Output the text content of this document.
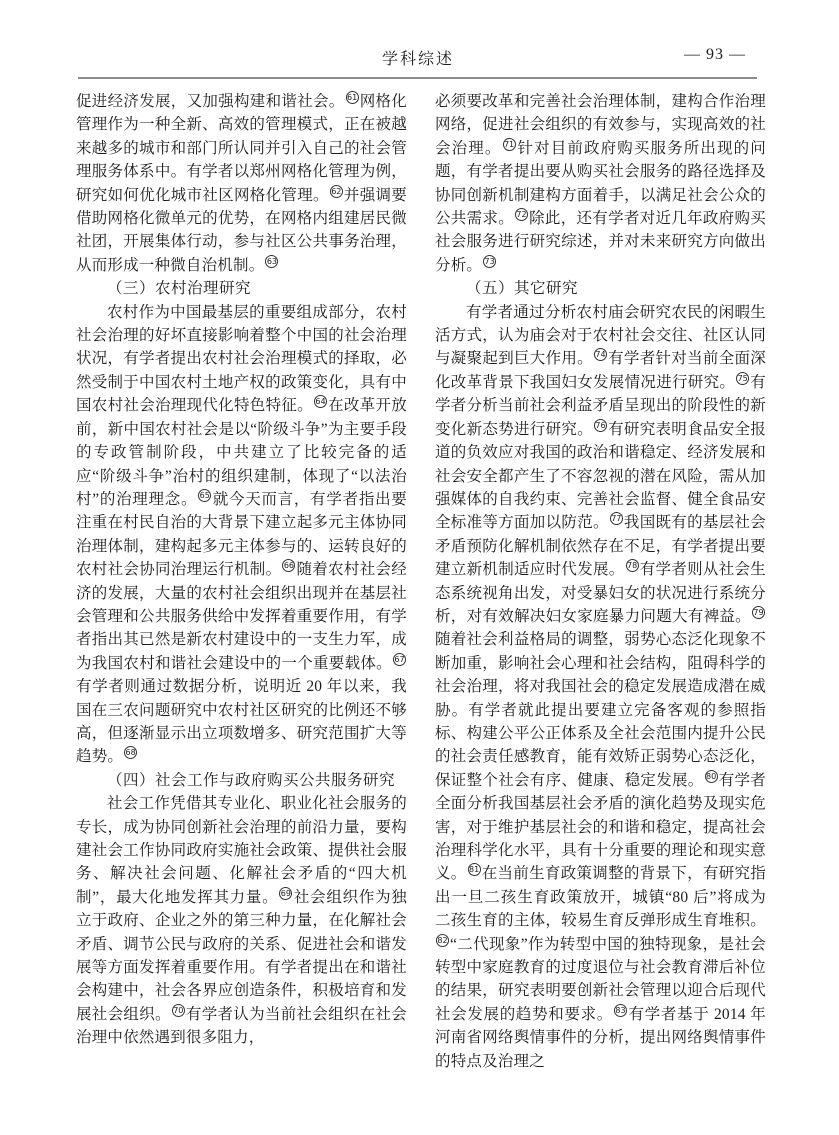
学科综述	— 93 —

促进经济发展，又加强构建和谐社会。 $^{61}$ 网格化管理作为一种全新、高效的管理模式，正在被越来越多的城市和部门所认同并引入自己的社会管理服务体系中。有学者以郑州网格化管理为例，研究如何优化城市社区网格化管理。 $^{62}$ 并强调要借助网格化微单元的优势，在网格内组建居民微社团，开展集体行动，参与社区公共事务治理，从而形成一种微自治机制。 $^{63}$

（三）农村治理研究

农村作为中国最基层的重要组成部分，农村社会治理的好坏直接影响着整个中国的社会治理状况，有学者提出农村社会治理模式的择取，必然受制于中国农村土地产权的政策变化，具有中国农村社会治理现代化特色特征。 $^{64}$ 在改革开放前，新中国农村社会是以“阶级斗争”为主要手段的专政管制阶段，中共建立了比较完备的适应“阶级斗争”治村的组织建制，体现了“以法治村”的治理理念。 $^{65}$ 就今天而言，有学者指出要注重在村民自治的大背景下建立起多元主体协同治理体制，建构起多元主体参与的、运转良好的农村社会协同治理运行机制。 $^{66}$ 随着农村社会经济的发展，大量的农村社会组织出现并在基层社会管理和公共服务供给中发挥着重要作用，有学者指出其已然是新农村建设中的一支生力军，成为我国农村和谐社会建设中的一个重要载体。 $^{67}$有学者则通过数据分析，说明近 20 年以来，我国在三农问题研究中农村社区研究的比例还不够高，但逐渐显示出立项数增多、研究范围扩大等趋势。 $^{68}$

（四）社会工作与政府购买公共服务研究

社会工作凭借其专业化、职业化社会服务的专长，成为协同创新社会治理的前沿力量，要构建社会工作协同政府实施社会政策、提供社会服务、解决社会问题、化解社会矛盾的“四大机制”，最大化地发挥其力量。 $^{69}$ 社会组织作为独立于政府、企业之外的第三种力量，在化解社会矛盾、调节公民与政府的关系、促进社会和谐发展等方面发挥着重要作用。有学者提出在和谐社会构建中，社会各界应创造条件，积极培育和发展社会组织。 $^{70}$ 有学者认为当前社会组织在社会治理中依然遇到很多阻力，

必须要改革和完善社会治理体制，建构合作治理网络，促进社会组织的有效参与，实现高效的社会治理。 $^{71}$ 针对目前政府购买服务所出现的问题，有学者提出要从购买社会服务的路径选择及协同创新机制建构方面着手，以满足社会公众的公共需求。 $^{72}$ 除此，还有学者对近几年政府购买社会服务进行研究综述，并对未来研究方向做出分析。 $^{73}$

（五）其它研究

有学者通过分析农村庙会研究农民的闲暇生活方式，认为庙会对于农村社会交往、社区认同与凝聚起到巨大作用。 $^{74}$ 有学者针对当前全面深化改革背景下我国妇女发展情况进行研究。 $^{75}$ 有学者分析当前社会利益矛盾呈现出的阶段性的新变化新态势进行研究。 $^{76}$ 有研究表明食品安全报道的负效应对我国的政治和谐稳定、经济发展和社会安全都产生了不容忽视的潜在风险，需从加强媒体的自我约束、完善社会监督、健全食品安全标准等方面加以防范。 $^{77}$ 我国既有的基层社会矛盾预防化解机制依然存在不足，有学者提出要建立新机制适应时代发展。 $^{78}$ 有学者则从社会生态系统视角出发，对受暴妇女的状况进行系统分析，对有效解决妇女家庭暴力问题大有裨益。 $^{79}$随着社会利益格局的调整，弱势心态泛化现象不断加重，影响社会心理和社会结构，阻碍科学的社会治理，将对我国社会的稳定发展造成潜在威胁。有学者就此提出要建立完备客观的参照指标、构建公平公正体系及全社会范围内提升公民的社会责任感教育，能有效矫正弱势心态泛化，保证整个社会有序、健康、稳定发展。 $^{80}$ 有学者全面分析我国基层社会矛盾的演化趋势及现实危害，对于维护基层社会的和谐和稳定，提高社会治理科学化水平，具有十分重要的理论和现实意义。 $^{81}$ 在当前生育政策调整的背景下，有研究指出一旦二孩生育政策放开，城镇“80 后”将成为二孩生育的主体，较易生育反弹形成生育堆积。$^{82}$ “二代现象”作为转型中国的独特现象，是社会转型中家庭教育的过度退位与社会教育滞后补位的结果，研究表明要创新社会管理以迎合后现代社会发展的趋势和要求。 $^{83}$ 有学者基于 2014 年河南省网络舆情事件的分析，提出网络舆情事件的特点及治理之
